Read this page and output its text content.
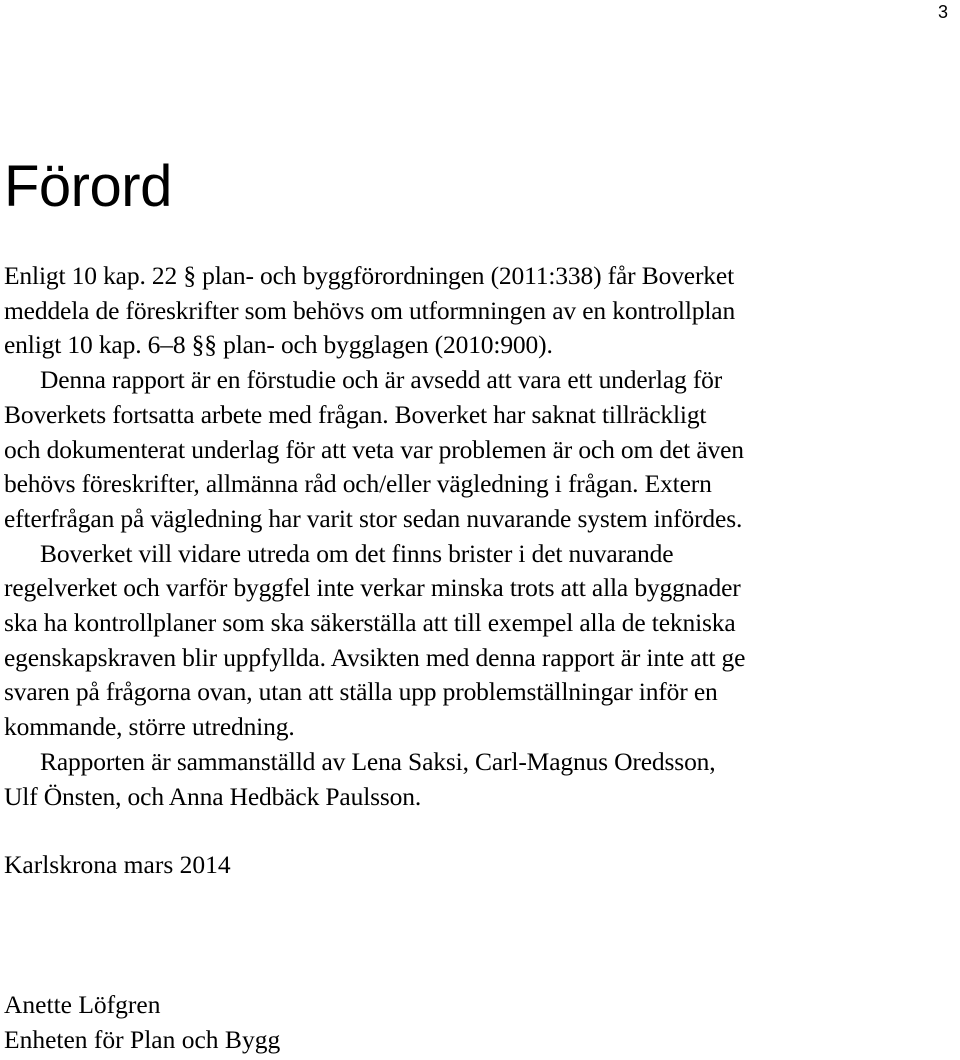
3
Förord
Enligt 10 kap. 22 § plan- och byggförordningen (2011:338) får Boverket
meddela de föreskrifter som behövs om utformningen av en kontrollplan
enligt 10 kap. 6–8 §§ plan- och bygglagen (2010:900).
Denna rapport är en förstudie och är avsedd att vara ett underlag för
Boverkets fortsatta arbete med frågan. Boverket har saknat tillräckligt
och dokumenterat underlag för att veta var problemen är och om det även
behövs föreskrifter, allmänna råd och/eller vägledning i frågan. Extern
efterfrågan på vägledning har varit stor sedan nuvarande system infördes.
Boverket vill vidare utreda om det finns brister i det nuvarande
regelverket och varför byggfel inte verkar minska trots att alla byggnader
ska ha kontrollplaner som ska säkerställa att till exempel alla de tekniska
egenskapskraven blir uppfyllda. Avsikten med denna rapport är inte att ge
svaren på frågorna ovan, utan att ställa upp problemställningar inför en
kommande, större utredning.
Rapporten är sammanställd av Lena Saksi, Carl-Magnus Oredsson,
Ulf Önsten, och Anna Hedbäck Paulsson.
Karlskrona mars 2014
Anette Löfgren
Enheten för Plan och Bygg
